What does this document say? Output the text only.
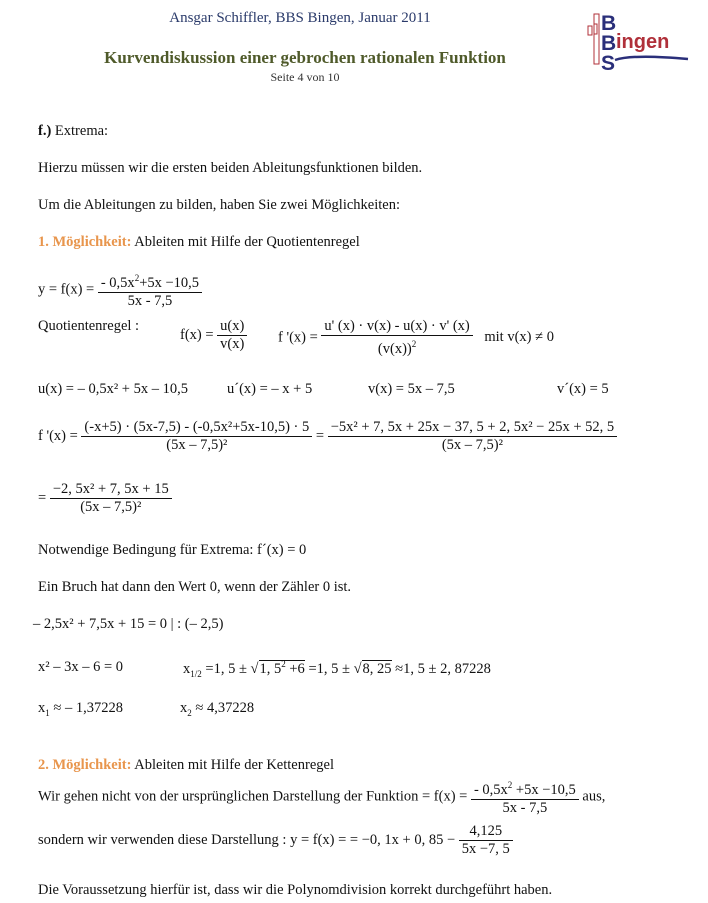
Ansgar Schiffler, BBS Bingen, Januar 2011
Kurvendiskussion einer gebrochen rationalen Funktion
Seite 4 von 10
B
B ingen
S
f.) Extrema:
Hierzu müssen wir die ersten beiden Ableitungsfunktionen bilden.
Um die Ableitungen zu bilden, haben Sie zwei Möglichkeiten:
1. Möglichkeit: Ableiten mit Hilfe der Quotientenregel
$y = f(x) = \frac{- 0,5x^2+5x -10,5}{5x - 7,5}$
Quotientenregel :
$f(x) = \frac{u(x)}{v(x)}$ f '$(x) = \frac{u' (x) \cdot v(x) - u(x) \cdot v' (x)}{(v(x))^2}$ mit v(x) ≠ 0
u(x) = – 0,5x² + 5x – 10,5	u´(x) = – x + 5	v(x) = 5x – 7,5	v´(x) = 5
f '$(x) = \frac{\text{(-x+5) · (5x-7,5) - (-0,5x²+5x-10,5) · 5}}{\text{(5x – 7,5)²}} = \frac{\text{−5x² + 7, 5x + 25x − 37, 5 + 2, 5x² − 25x + 52, 5}}{\text{(5x – 7,5)²}}$
= $\frac{\text{−2, 5x² + 7, 5x + 15}}{\text{(5x – 7,5)²}}$
Notwendige Bedingung für Extrema: f´(x) = 0
Ein Bruch hat dann den Wert 0, wenn der Zähler 0 ist.
– 2,5x² + 7,5x + 15 = 0 | : (– 2,5)
x² – 3x – 6 = 0	$x_{1/2} =1$, 5 ± √1, $5^2 +6 =1$, 5 ± √8, 25 ≈1, 5 ± 2, 87228
$x_1$ ≈ – 1,37228	$x_2 \approx 4,37228$
2. Möglichkeit: Ableiten mit Hilfe der Kettenregel
Wir gehen nicht von der ursprünglichen Darstellung der Funktion = $f(x) = \frac{- 0,5x^2 +5x -10,5}{5x - 7,5}$ aus,
sondern wir verwenden diese Darstellung : y = f(x) = = −0, 1x + 0, $85 - \frac{4,125}{5x -7, 5}$
Die Voraussetzung hierfür ist, dass wir die Polynomdivision korrekt durchgeführt haben.
